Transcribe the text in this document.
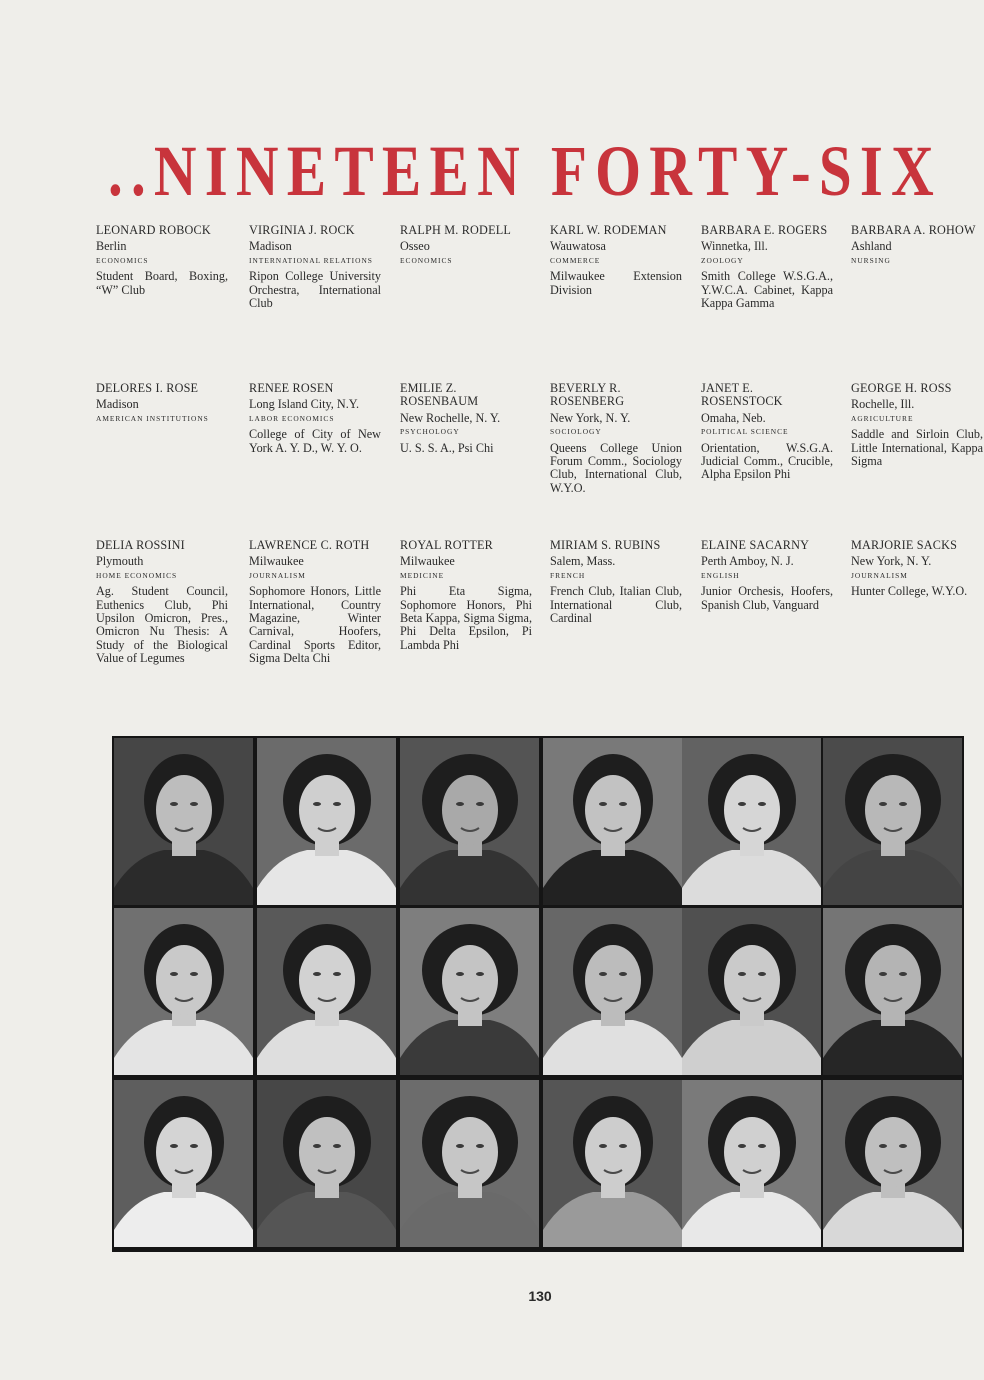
..NINETEEN FORTY-SIX
LEONARD ROBOCK
Berlin
ECONOMICS
Student Board, Boxing, “W” Club
VIRGINIA J. ROCK
Madison
INTERNATIONAL RELATIONS
Ripon College University Orchestra, International Club
RALPH M. RODELL
Osseo
ECONOMICS
KARL W. RODEMAN
Wauwatosa
COMMERCE
Milwaukee Extension Division
BARBARA E. ROGERS
Winnetka, Ill.
ZOOLOGY
Smith College W.S.G.A., Y.W.C.A. Cabinet, Kappa Kappa Gamma
BARBARA A. ROHOW
Ashland
NURSING
DELORES I. ROSE
Madison
AMERICAN INSTITUTIONS
RENEE ROSEN
Long Island City, N.Y.
LABOR ECONOMICS
College of City of New York A. Y. D., W. Y. O.
EMILIE Z. ROSENBAUM
New Rochelle, N. Y.
PSYCHOLOGY
U. S. S. A., Psi Chi
BEVERLY R. ROSENBERG
New York, N. Y.
SOCIOLOGY
Queens College Union Forum Comm., Sociology Club, International Club, W.Y.O.
JANET E. ROSENSTOCK
Omaha, Neb.
POLITICAL SCIENCE
Orientation, W.S.G.A. Judicial Comm., Crucible, Alpha Epsilon Phi
GEORGE H. ROSS
Rochelle, Ill.
AGRICULTURE
Saddle and Sirloin Club, Little International, Kappa Sigma
DELIA ROSSINI
Plymouth
HOME ECONOMICS
Ag. Student Council, Euthenics Club, Phi Upsilon Omicron, Pres., Omicron Nu Thesis: A Study of the Biological Value of Legumes
LAWRENCE C. ROTH
Milwaukee
JOURNALISM
Sophomore Honors, Little International, Country Magazine, Winter Carnival, Hoofers, Cardinal Sports Editor, Sigma Delta Chi
ROYAL ROTTER
Milwaukee
MEDICINE
Phi Eta Sigma, Sophomore Honors, Phi Beta Kappa, Sigma Sigma, Phi Delta Epsilon, Pi Lambda Phi
MIRIAM S. RUBINS
Salem, Mass.
FRENCH
French Club, Italian Club, International Club, Cardinal
ELAINE SACARNY
Perth Amboy, N. J.
ENGLISH
Junior Orchesis, Hoofers, Spanish Club, Vanguard
MARJORIE SACKS
New York, N. Y.
JOURNALISM
Hunter College, W.Y.O.
130
